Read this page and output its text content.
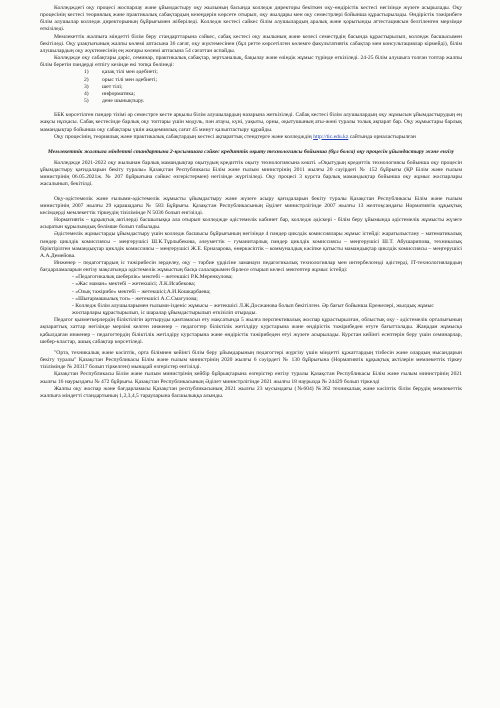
Колледждегі оқу процесі жоспарлау және ұйымдастыру оқу жылының басында колледж директоры бекіткен оқу-өндірістік кестесі негізінде жүзеге асырылады. Оқу процесінің кестесі теориялық және практикалық сабақтардың кезеңдерін көрсете отырып, оқу жылдары мен оқу семестрлері бойынша құрастырылады. Өндірістік тәжірибеге білім алушылар колледж директорының бұйрығымен жіберіледі. Колледж кестесі сайкес білім алушылардың аралық және қорытынды аттестациясын белгіленген мерзімде өткізіледі.

Мемлекеттік жалпыға міндетті білім беру стандарттарына сәйкес, сабақ кестесі оқу жылының және келесі семестрдің басында құрастырылып, колледж басшысымен бекітіледі. Оқу ұзақтығының жалпы көлемі аптасына 36 сағат, оқу жүктемесінен (бұл ретте көрсетілген көлемге факультативтік сабақтар мен консультациялар кірмейді), білім алушылардың оқу жүктемесінің ең жоғары көлемі аптасына 54 сағаттан аспайды.

Колледжде оқу сабақтары дәріс, семинар, практикалық сабақтар, зертханалық, бақылау және өзіндік жұмыс түрінде өткізіледі. 24-25 білім алушыға толған топтар жалпы білім беретін пәндерді өтпігу кезінде екі топқа бөлінеді:

1) қазақ тілі мен әдебиеті;
2) орыс тілі мен әдебиеті;
3) шет тілі;
4) информатика;
5) дене шынықтыру.

ББК көрсетілген пәндер тізімі әр семестрге кесте арқылы білім алушылардың назарына жеткізіледі. Сабақ кестесі білім алушылардың оқу жұмысын ұйымдастырудың ең жақсы нұсқасы. Сабақ кестесінде барлық оқу топтары үшін модуль, пән атауы, күні, уақыты, орны, оқытушының аты-жөні туралы толық ақпарат бар. Оқу жұмыстары барлық мамандықтар бойынша оқу сабақтары үшін академиялық сағат 45 минут қалыптастыру құрайды.

Оқу процесінің, теориялық және практикалық сабақтардың кестесі ақпараттық стендтерге және колледждің http://tic.edu.kz сайтында орналастырылған

Мемлекеттік жалпыға міндетті стандартына 2-қосымшаға сәйкес кредиттік оқыту технологиясы бойынша (бұл болса) оқу процесін ұйымдастыру және енгізу

Колледжде 2021-2022 оқу жылынан барлық мамандықтар оқытудың кредиттік оқыту технологиясына көшті. «Оқытудың кредиттік технологиясы бойынша оқу процесін ұйымдастыру қағидаларын бекіту туралы» Қазақстан Республикасы Білім және ғылым министрінің 2011 жылғы 20 сәуірдегі № 152 бұйрығы (ҚР Білім және ғылым министрінің 06.05.2021ж. № 207 бұйрығына сәйкес өзгерістермен) негізінде жүргізіледі. Оқу процесі 3 курста барлық мамандықтар бойынша оқу жұмыс жоспарлары жасалынып, бекітілді.

Оқу-әдістемелік және ғылыми-әдістемелік жұмысты ұйымдастыру және жүзеге асыру қағидаларын бекіту туралы Қазақстан Республикасы Білім және ғылым министрінің 2007 жылғы 29 қарашадағы № 583 Бұйрығы. Қазақстан Республикасының Әділет министрлігінде 2007 жылғы 13 желтоқсандағы Нормативтік құқықтық кесімдерді мемлекеттік тіркеудің тізілімінде N 5036 болып енгізілді.

Нормативтік – құқықтық актілерді басшылыққа ала отырып колледжде әдістемелік кабинет бар, колледж әдіскері - білім беру ұйымында әдістемелік жұмысты жүзеге асыратын құрылымдық бөлімше болып табылады.

Әдістемелік жұмыстарды ұйымдастыру үшін колледж басшысы бұйрығының негізінде 4 пәндер циклдік комиссиялары жұмыс істейді: жаратылыстану – математикалық пәндер циклдік комиссиясы – меңгерушісі Ш.К.Тұрлыбекова, әлеуметтік – гуманитарлық пәндер циклдік комиссиясы – меңгерушісі Ш.Т. Абушарипова, техникалық біріктірілген мамандықтар циклдік комиссиясы – меңгерушісі Ж.Е. Ерназарова, өнеркәсіптік – коммуналдық кәсіпке қатысты мамандықтар циклдік комиссиясы – меңгерушісі А.А.Демейова.

Инженер – педагогтардың іс тәжірибесін зерделеу, оқу – тәрбие үрдісіне заманауи педагогикалық технологиялар мен интербелсенді әдістерді, IT-технологиялардың бағдарламаларын енгізу мақсатында әдістемелік жұмыстың басқа салаларымен бірлесе отырып келесі мектептер жұмыс істейді:

- «Педагогикалық шеберлік» мектебі – жетекшісі Р.К.Меренкулова;
- «Жас маман» мектебі – жетекшісі; Л.К.Исабекова;
- «Озық тәжірибе» мектебі – жетекшісі;А.И.Кошкарбаева;
- «Шығармашылық топ» - жетекшісі А.С.Смагулова;
- Колледж білім алушыларымен ғылыми-ізденіс жұмысы – жетекшісі Л.Ж.Досжанова болып бекітілген. Әр бағыт бойынша Ережелері, жылдық жұмыс жоспарлары құрастырылып, іс шаралар ұйымдастырылып өткізіліп отырады.

Педагог қызметкерлердің біліктілігін арттыруды қамтамасыз ету мақсатында 5 жылға перспективалық жоспар құрастырылған, облыстық оқу - әдістемелік орталығының ақпараттық хаттар негізінде мерзімі келген инженер – педагогтер біліктілік жетілдіру курстарына және өндірістік тәжірибеден өтуге бағытталады. Жаңадан жұмысқа қабылдаған инженер – педагогтердің біліктілік жетілдіру курстарына және өндірістік тәжірибеден өтуі жүзеге асырылады. Курстан кейінгі есептерін беру үшін семинарлар, шебер-кластар, ашық сабақтар көрсетіледі.

"Орта, техникалық және кәсіптік, орта білімнен кейінгі білім беру ұйымдарының педагогтері жүргізу үшін міндетті құжаттардың тізбесін және олардың нысандарын бекіту туралы" Қазақстан Республикасы Білім және ғылым министрінің 2020 жылғы 6 сәуірдегі № 130 бұйрығына (Нормативтік құқықтық актілерін мемлекеттік тіркеу тізілімінде № 20317 болып тіркелген) мынадай өзгерістер енгізілді.

Қазақстан Республикасы Білім және ғылым министрінің кейбір бұйрықтарына өзгерістер енгізу туралы Қазақстан Республикасы Білім және ғылым министрінің 2021 жылғы 16 наурыздағы № 472 бұйрығы. Қазақстан Республикасының Әділет министрлігінде 2021 жылғы 18 наурызда № 24429 болып тіркелді

Жалпы оқу жоспар және бағдарламасы Қазақстан республикасының 2021 жылғы 23 мусымдағы (№604) №362 техникалық және кәсіптік білім берудің мемлекеттік жалпыға міндетті стандартының 1,2,3,4,5 тарауларына басшылыққа алынды.
